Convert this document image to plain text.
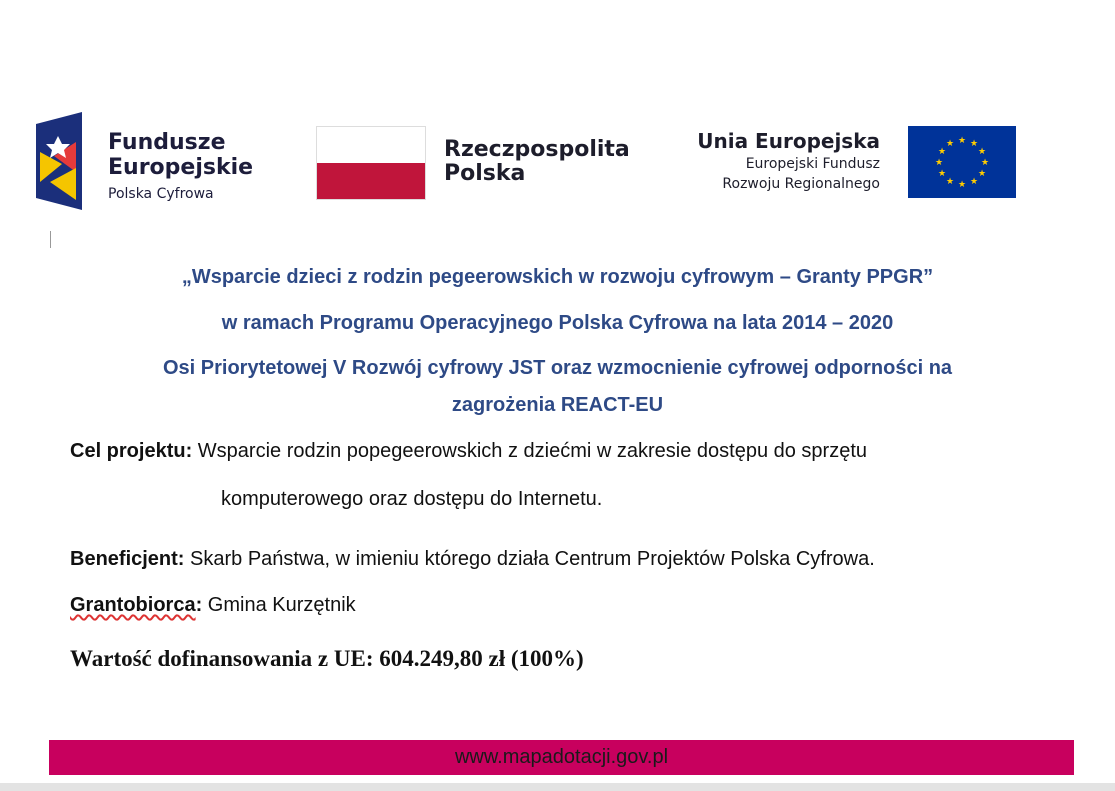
Fundusze
Europejskie
Polska Cyfrowa
Rzeczpospolita
Polska
Unia Europejska
Europejski Fundusz
Rozwoju Regionalnego
★ ★
★
★
★
★
★
★
★
★
★
★
„Wsparcie dzieci z rodzin pegeerowskich w rozwoju cyfrowym – Granty PPGR”
w ramach Programu Operacyjnego Polska Cyfrowa na lata 2014 – 2020
Osi Priorytetowej V Rozwój cyfrowy JST oraz wzmocnienie cyfrowej odporności na
zagrożenia REACT-EU
Cel projektu: Wsparcie rodzin popegeerowskich z dziećmi w zakresie dostępu do sprzętu
komputerowego oraz dostępu do Internetu.
Beneficjent: Skarb Państwa, w imieniu którego działa Centrum Projektów Polska Cyfrowa.
Grantobiorca: Gmina Kurzętnik
Wartość dofinansowania z UE: 604.249,80 zł (100%)
www.mapadotacji.gov.pl
